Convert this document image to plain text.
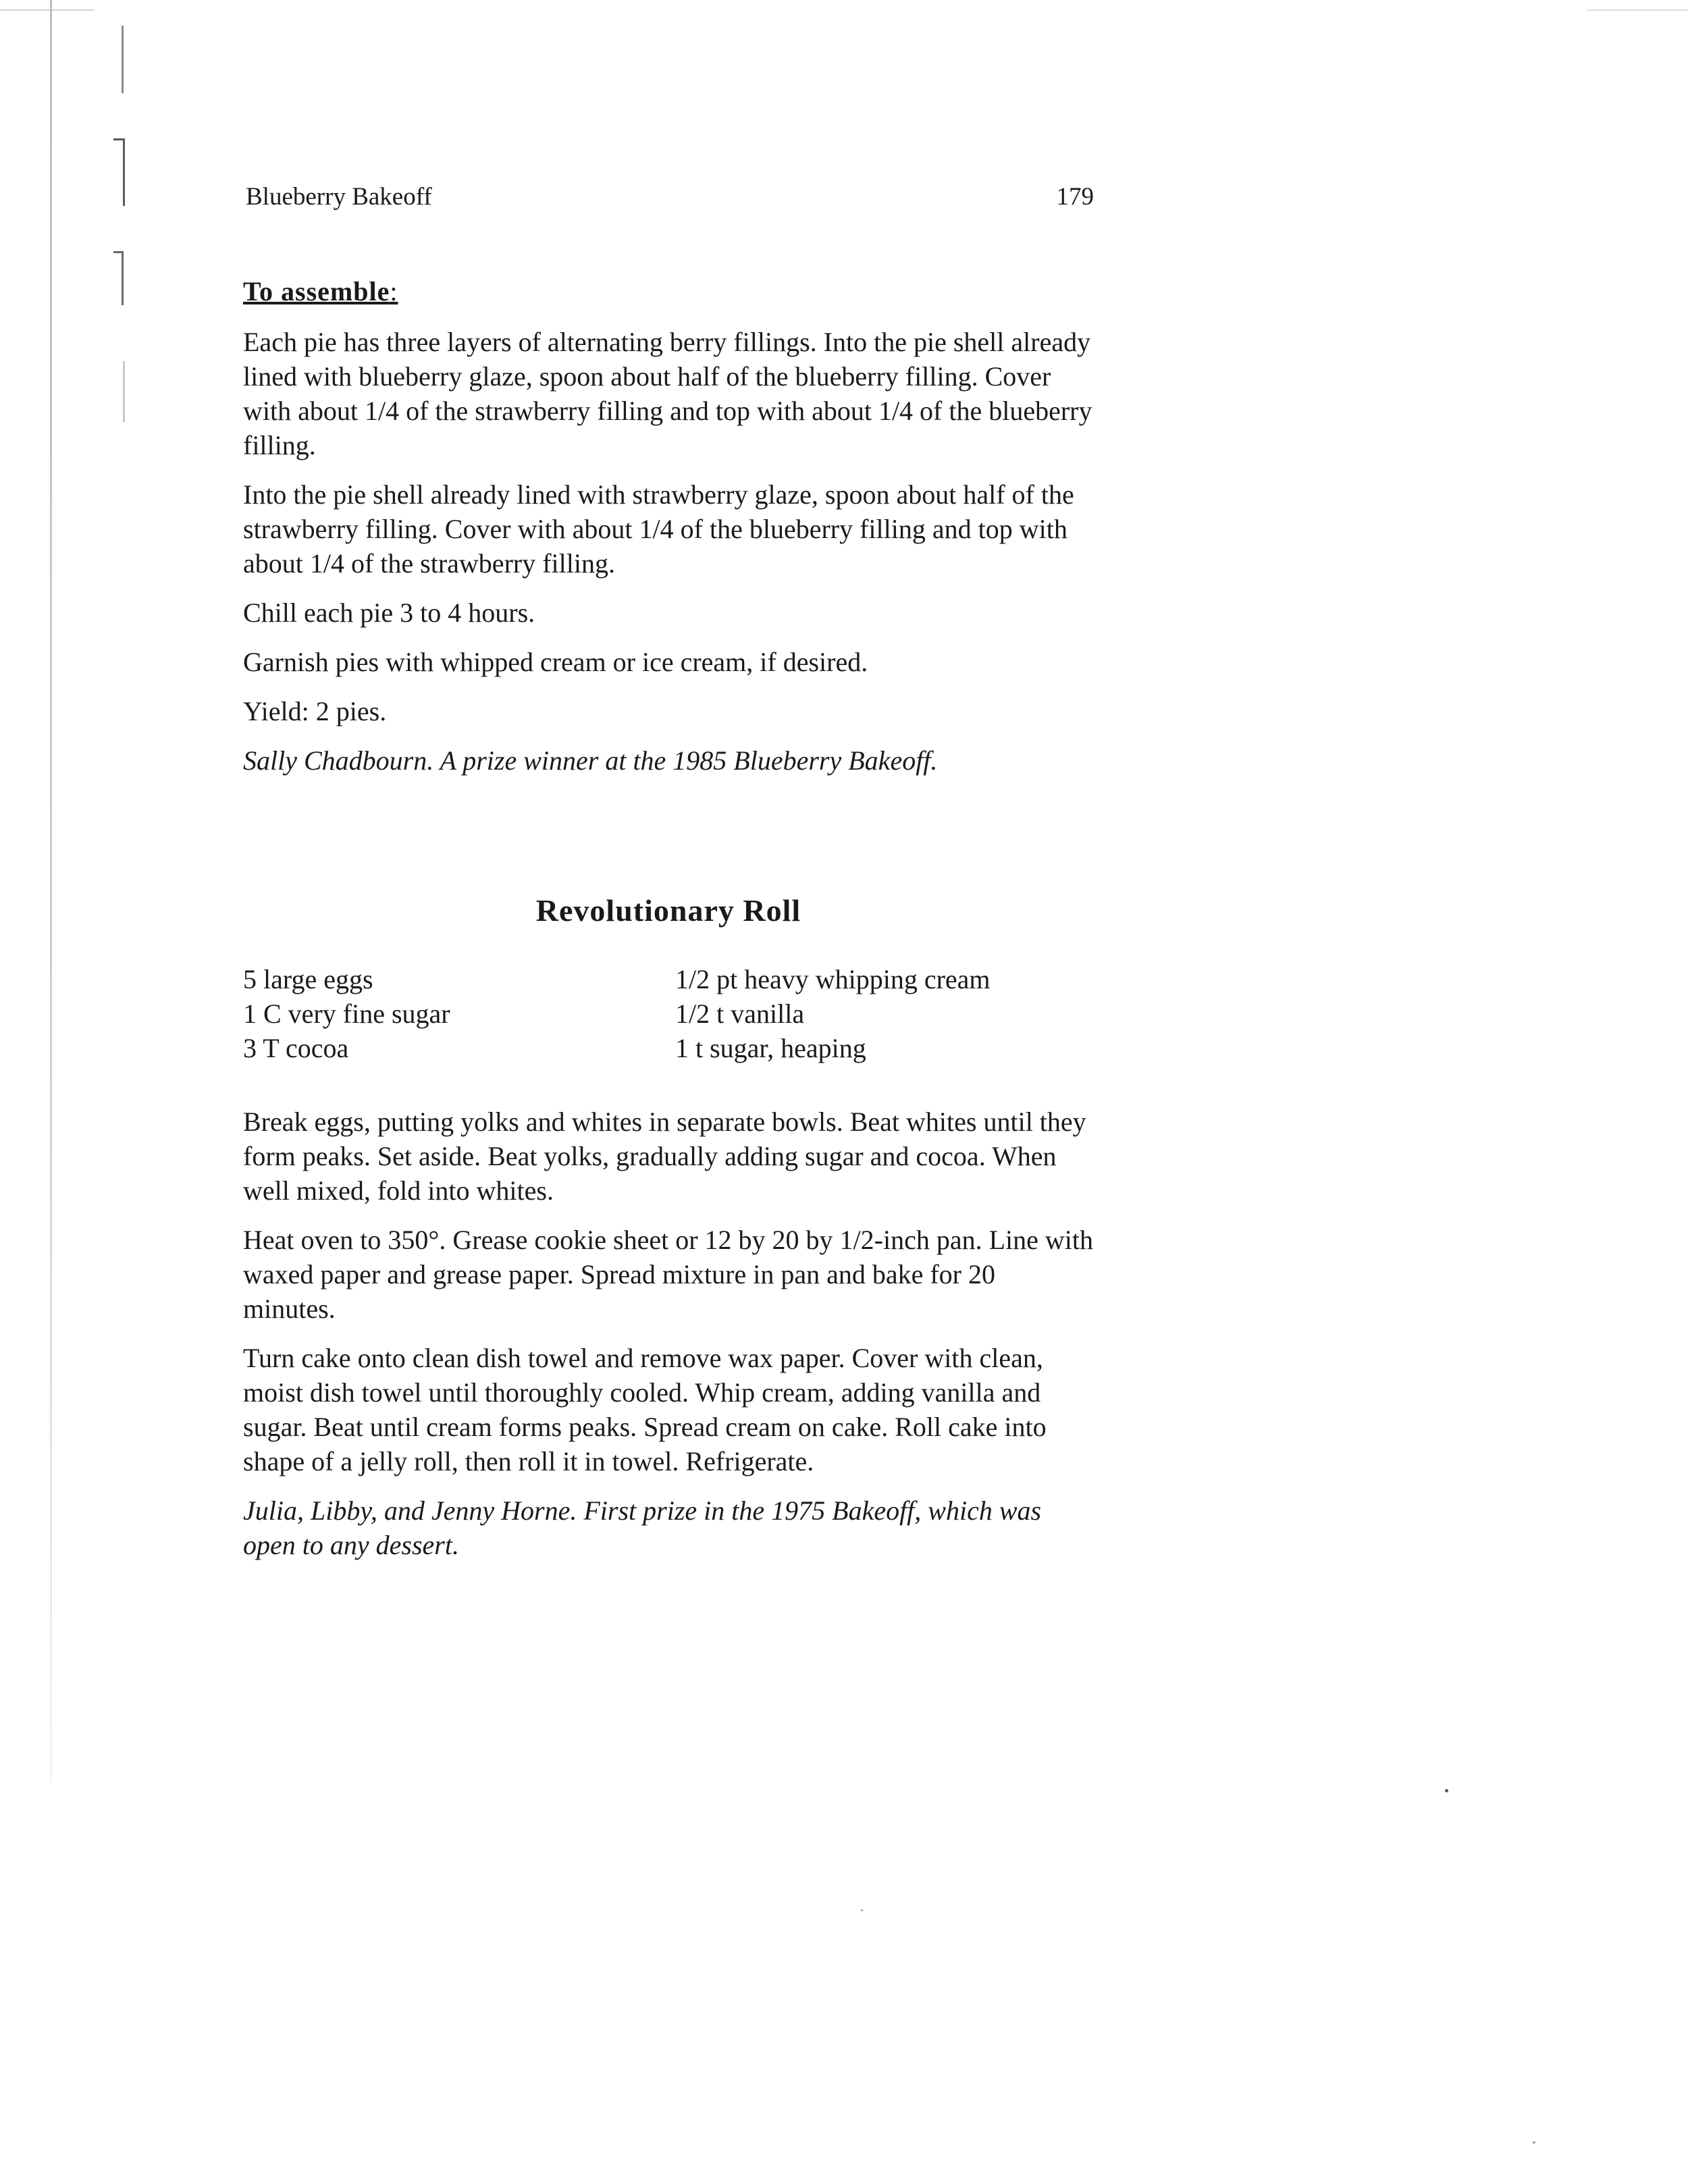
Blueberry Bakeoff	179
To assemble:

Each pie has three layers of alternating berry fillings. Into the pie shell already lined with blueberry glaze, spoon about half of the blueberry filling. Cover with about 1/4 of the strawberry filling and top with about 1/4 of the blueberry filling.

Into the pie shell already lined with strawberry glaze, spoon about half of the strawberry filling. Cover with about 1/4 of the blueberry filling and top with about 1/4 of the strawberry filling.

Chill each pie 3 to 4 hours.

Garnish pies with whipped cream or ice cream, if desired.

Yield: 2 pies.

Sally Chadbourn. A prize winner at the 1985 Blueberry Bakeoff.

Revolutionary Roll
5 large eggs
1 C very fine sugar
3 T cocoa
1/2 pt heavy whipping cream
1/2 t vanilla
1 t sugar, heaping

Break eggs, putting yolks and whites in separate bowls. Beat whites until they form peaks. Set aside. Beat yolks, gradually adding sugar and cocoa. When well mixed, fold into whites.

Heat oven to 350°. Grease cookie sheet or 12 by 20 by 1/2-inch pan. Line with waxed paper and grease paper. Spread mixture in pan and bake for 20 minutes.

Turn cake onto clean dish towel and remove wax paper. Cover with clean, moist dish towel until thoroughly cooled. Whip cream, adding vanilla and sugar. Beat until cream forms peaks. Spread cream on cake. Roll cake into shape of a jelly roll, then roll it in towel. Refrigerate.

Julia, Libby, and Jenny Horne. First prize in the 1975 Bakeoff, which was open to any dessert.
